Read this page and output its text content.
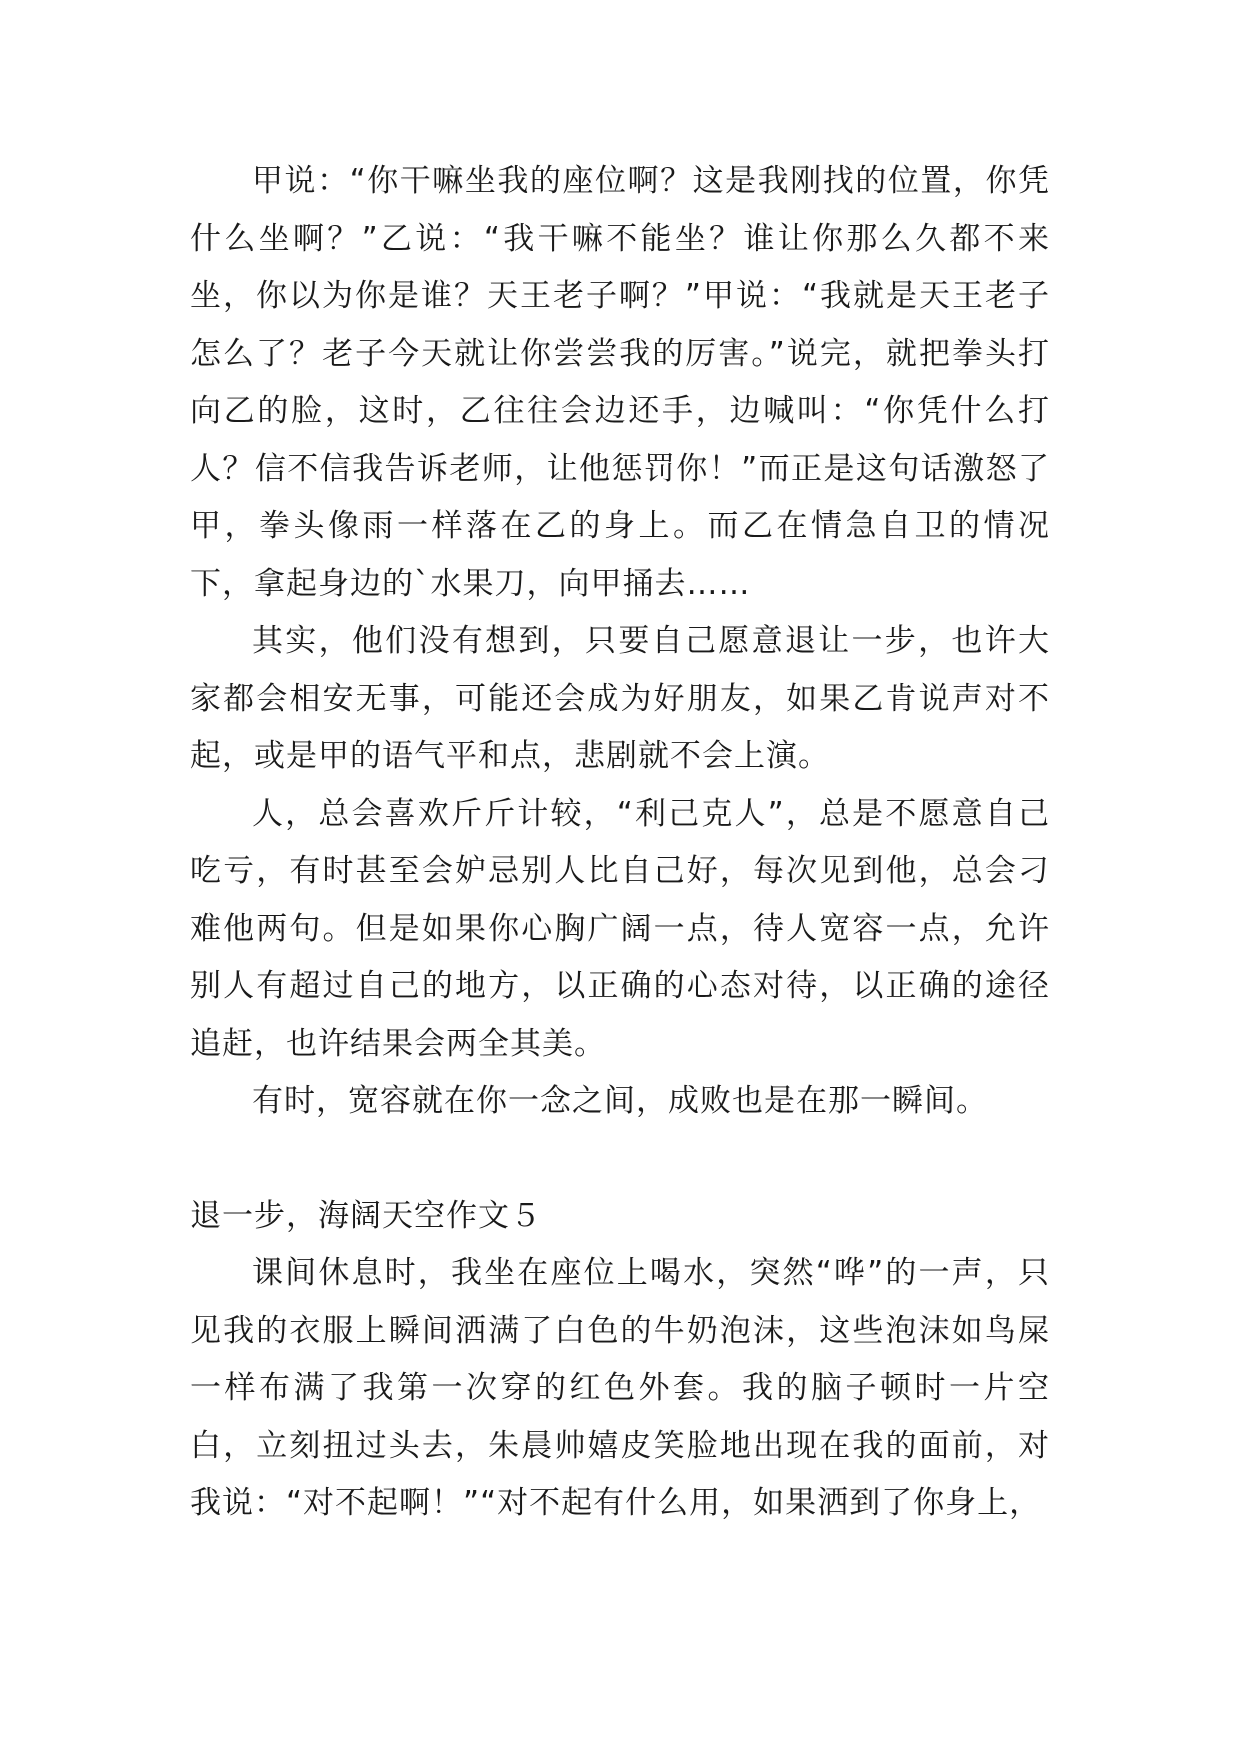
甲说：“你干嘛坐我的座位啊？这是我刚找的位置，你凭什么坐啊？”乙说：“我干嘛不能坐？谁让你那么久都不来坐，你以为你是谁？天王老子啊？”甲说：“我就是天王老子怎么了？老子今天就让你尝尝我的厉害。”说完，就把拳头打向乙的脸，这时，乙往往会边还手，边喊叫：“你凭什么打人？信不信我告诉老师，让他惩罚你！”而正是这句话激怒了甲，拳头像雨一样落在乙的身上。而乙在情急自卫的情况下，拿起身边的`水果刀，向甲捅去……

其实，他们没有想到，只要自己愿意退让一步，也许大家都会相安无事，可能还会成为好朋友，如果乙肯说声对不起，或是甲的语气平和点，悲剧就不会上演。

人，总会喜欢斤斤计较，“利己克人”，总是不愿意自己吃亏，有时甚至会妒忌别人比自己好，每次见到他，总会刁难他两句。但是如果你心胸广阔一点，待人宽容一点，允许别人有超过自己的地方，以正确的心态对待，以正确的途径追赶，也许结果会两全其美。

有时，宽容就在你一念之间，成败也是在那一瞬间。

退一步，海阔天空作文５

课间休息时，我坐在座位上喝水，突然“哗”的一声，只见我的衣服上瞬间洒满了白色的牛奶泡沫，这些泡沫如鸟屎一样布满了我第一次穿的红色外套。我的脑子顿时一片空白，立刻扭过头去，朱晨帅嬉皮笑脸地出现在我的面前，对我说：“对不起啊！”“对不起有什么用，如果洒到了你身上，
